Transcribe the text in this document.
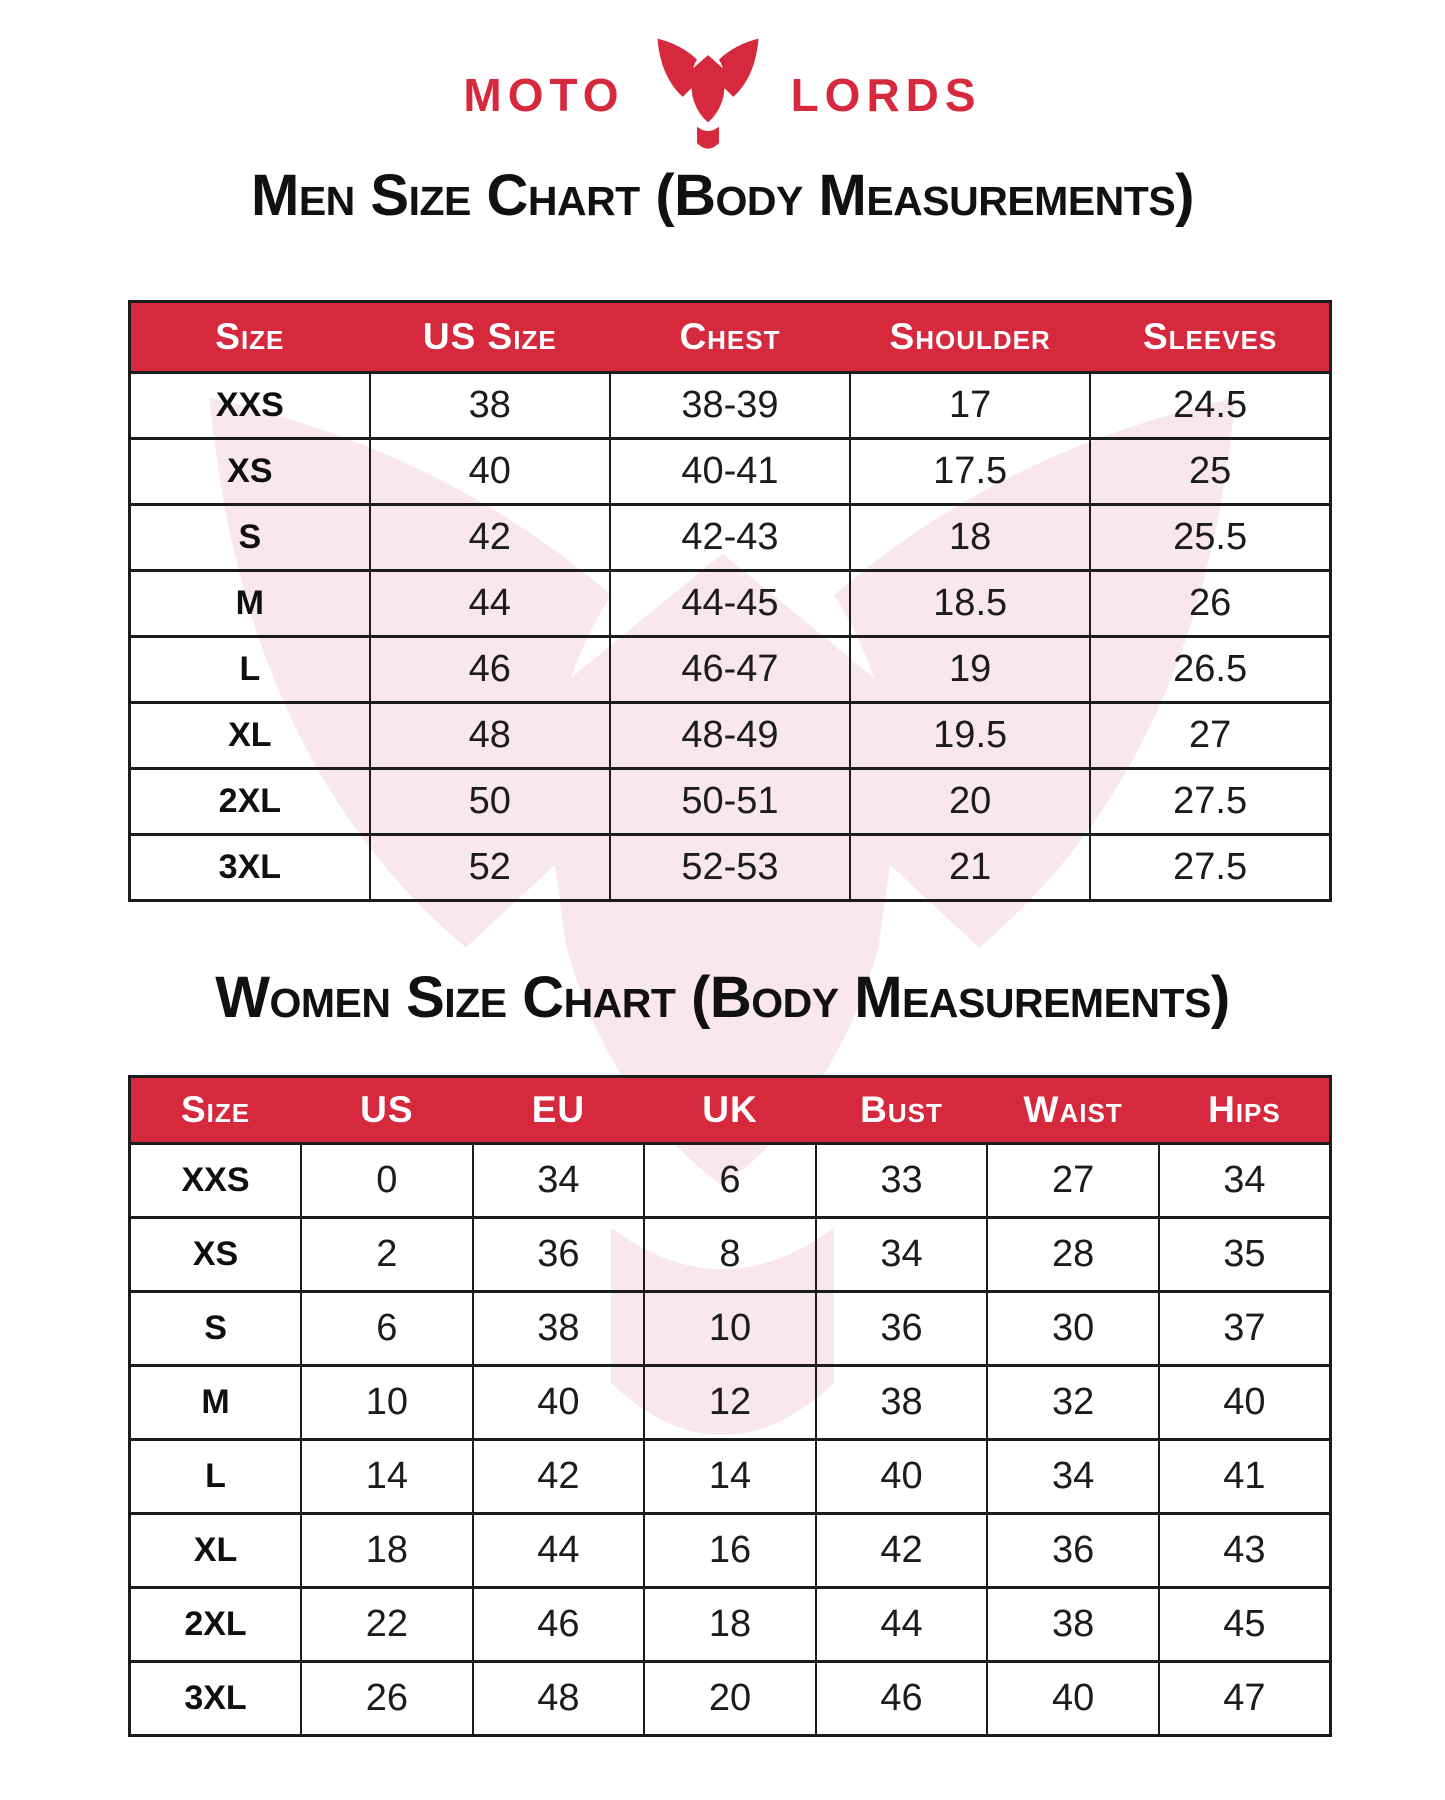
MOTO	LORDS
Men Size Chart (Body Measurements)
Size	US Size	Chest	Shoulder	Sleeves
XXS	38	38-39	17	24.5
XS	40	40-41	17.5	25
S	42	42-43	18	25.5
M	44	44-45	18.5	26
L	46	46-47	19	26.5
XL	48	48-49	19.5	27
2XL	50	50-51	20	27.5
3XL	52	52-53	21	27.5
Women Size Chart (Body Measurements)
Size	US	EU	UK	Bust	Waist	Hips
XXS	0	34	6	33	27	34
XS	2	36	8	34	28	35
S	6	38	10	36	30	37
M	10	40	12	38	32	40
L	14	42	14	40	34	41
XL	18	44	16	42	36	43
2XL	22	46	18	44	38	45
3XL	26	48	20	46	40	47
